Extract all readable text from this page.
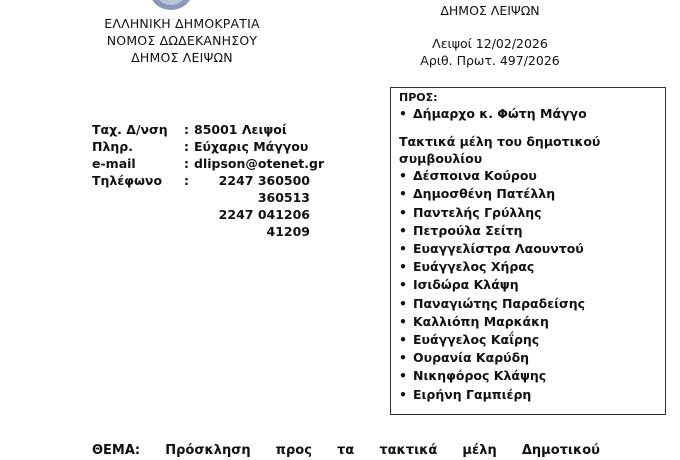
ΕΛΛΗΝΙΚΗ ΔΗΜΟΚΡΑΤΙΑ
ΝΟΜΟΣ ΔΩΔΕΚΑΝΗΣΟΥ
ΔΗΜΟΣ ΛΕΙΨΩΝ
ΔΗΜΟΣ ΛΕΙΨΩΝ
Λειψοί 12/02/2026
Αριθ. Πρωτ. 497/2026
Ταχ. Δ/νση	: 85001 Λειψοί
Πληρ.	: Εύχαρις Μάγγου
e-mail	: dlipson@otenet.gr
Τηλέφωνο	:	2247 360500
360513
2247 041206
41209
ΠΡΟΣ:
• Δήμαρχο κ. Φώτη Μάγγο
Τακτικά μέλη του δημοτικού συμβουλίου
• Δέσποινα Κούρου
• Δημοσθένη Πατέλλη
• Παντελής Γρύλλης
• Πετρούλα Σείτη
• Ευαγγελίστρα Λαουντού
• Ευάγγελος Χήρας
• Ισιδώρα Κλάψη
• Παναγιώτης Παραδείσης
• Καλλιόπη Μαρκάκη
• Ευάγγελος Καΐρης
• Ουρανία Καρύδη
• Νικηφόρος Κλάψης
• Ειρήνη Γαμπιέρη
ΘΕΜΑ: Πρόσκληση προς τα τακτικά μέλη Δημοτικού
